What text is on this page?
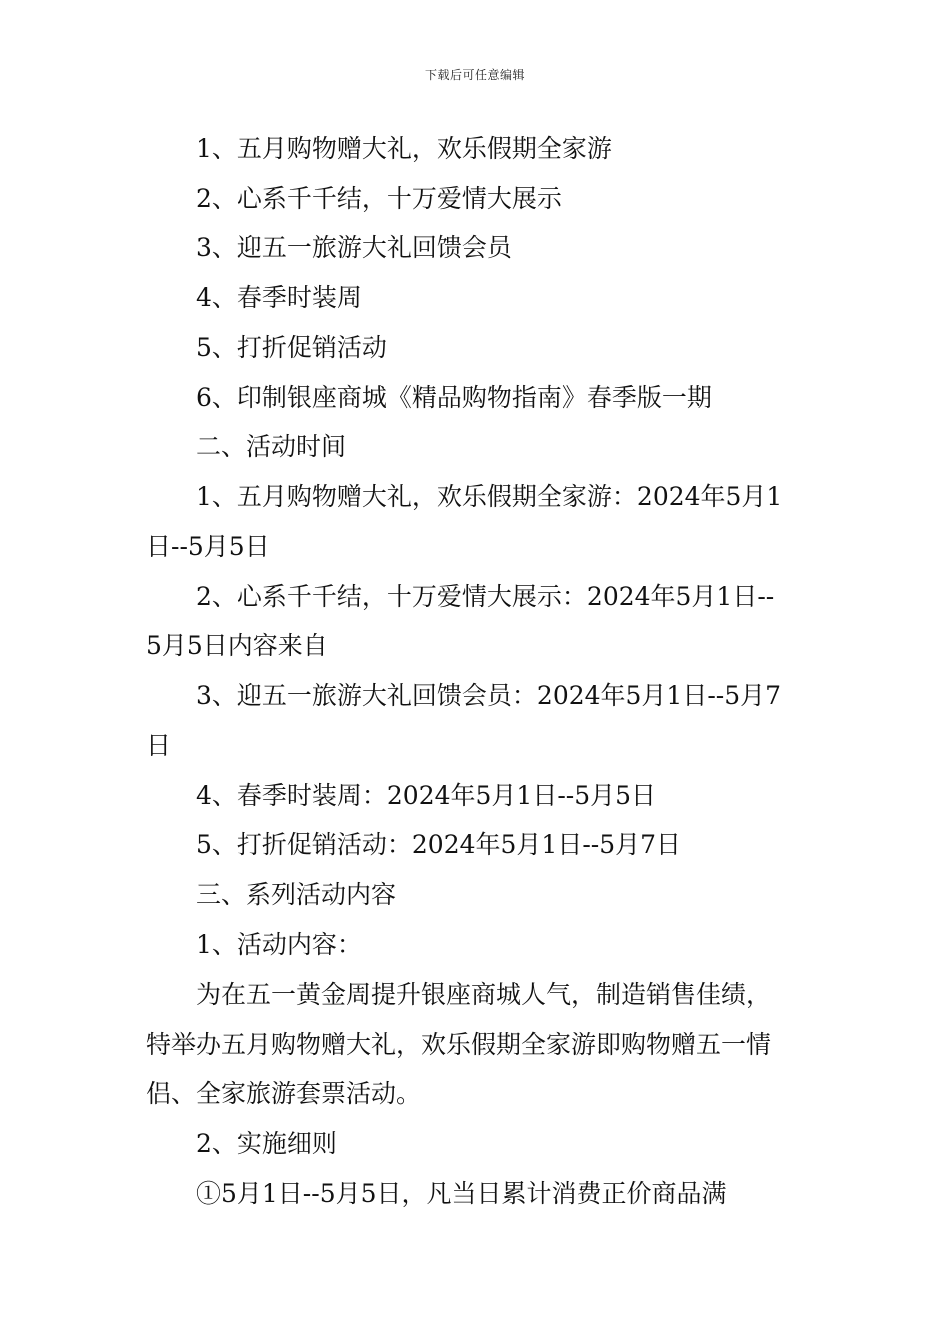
下载后可任意编辑
1、五月购物赠大礼，欢乐假期全家游
2、心系千千结，十万爱情大展示
3、迎五一旅游大礼回馈会员
4、春季时装周
5、打折促销活动
6、印制银座商城《精品购物指南》春季版一期
二、活动时间
1、五月购物赠大礼，欢乐假期全家游：2024年5月1
日--5月5日
2、心系千千结，十万爱情大展示：2024年5月1日--
5月5日内容来自
3、迎五一旅游大礼回馈会员：2024年5月1日--5月7
日
4、春季时装周：2024年5月1日--5月5日
5、打折促销活动：2024年5月1日--5月7日
三、系列活动内容
1、活动内容：
为在五一黄金周提升银座商城人气，制造销售佳绩，
特举办五月购物赠大礼，欢乐假期全家游即购物赠五一情
侣、全家旅游套票活动。
2、实施细则
①5月1日--5月5日，凡当日累计消费正价商品满
